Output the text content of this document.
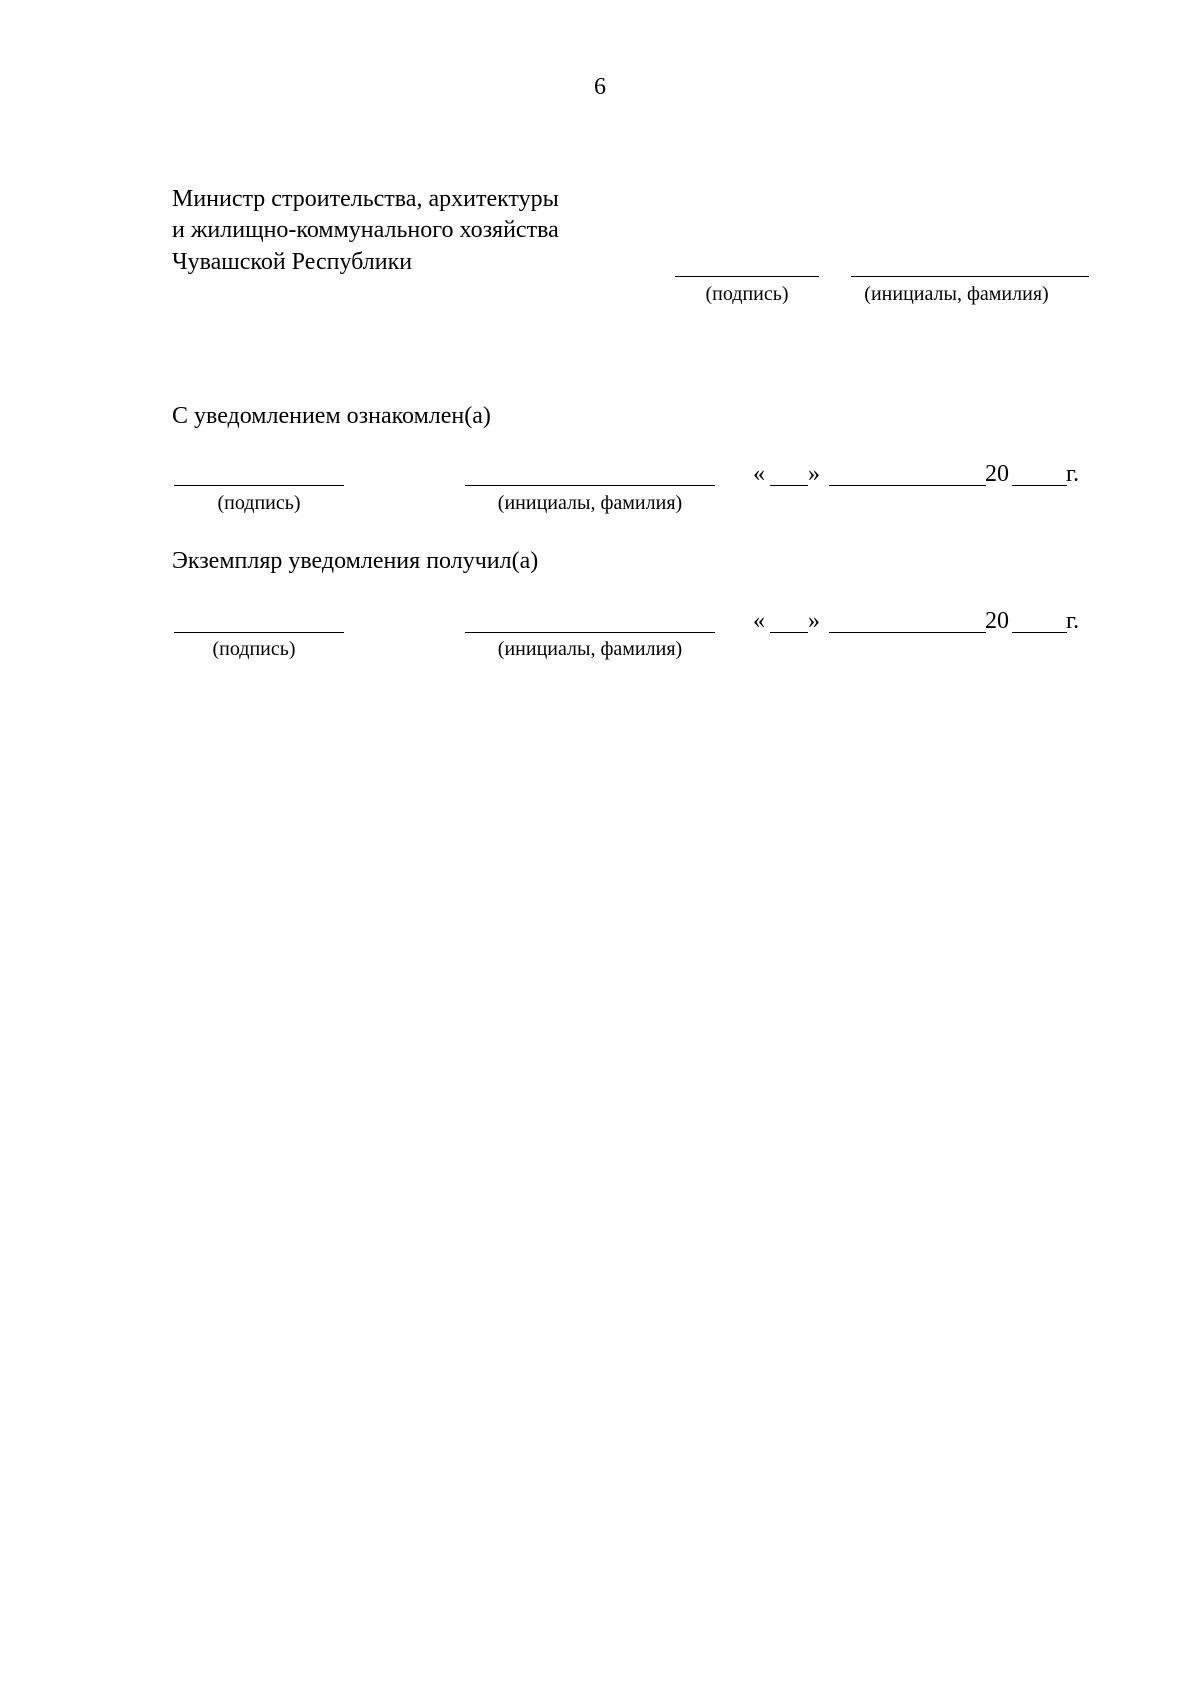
6
Министр строительства, архитектуры
и жилищно-коммунального хозяйства
Чувашской Республики
(подпись)	(инициалы, фамилия)
С уведомлением ознакомлен(а)
(подпись)	(инициалы, фамилия)
« »	20 г.
Экземпляр уведомления получил(а)
(подпись)	(инициалы, фамилия)
« »	20 г.
